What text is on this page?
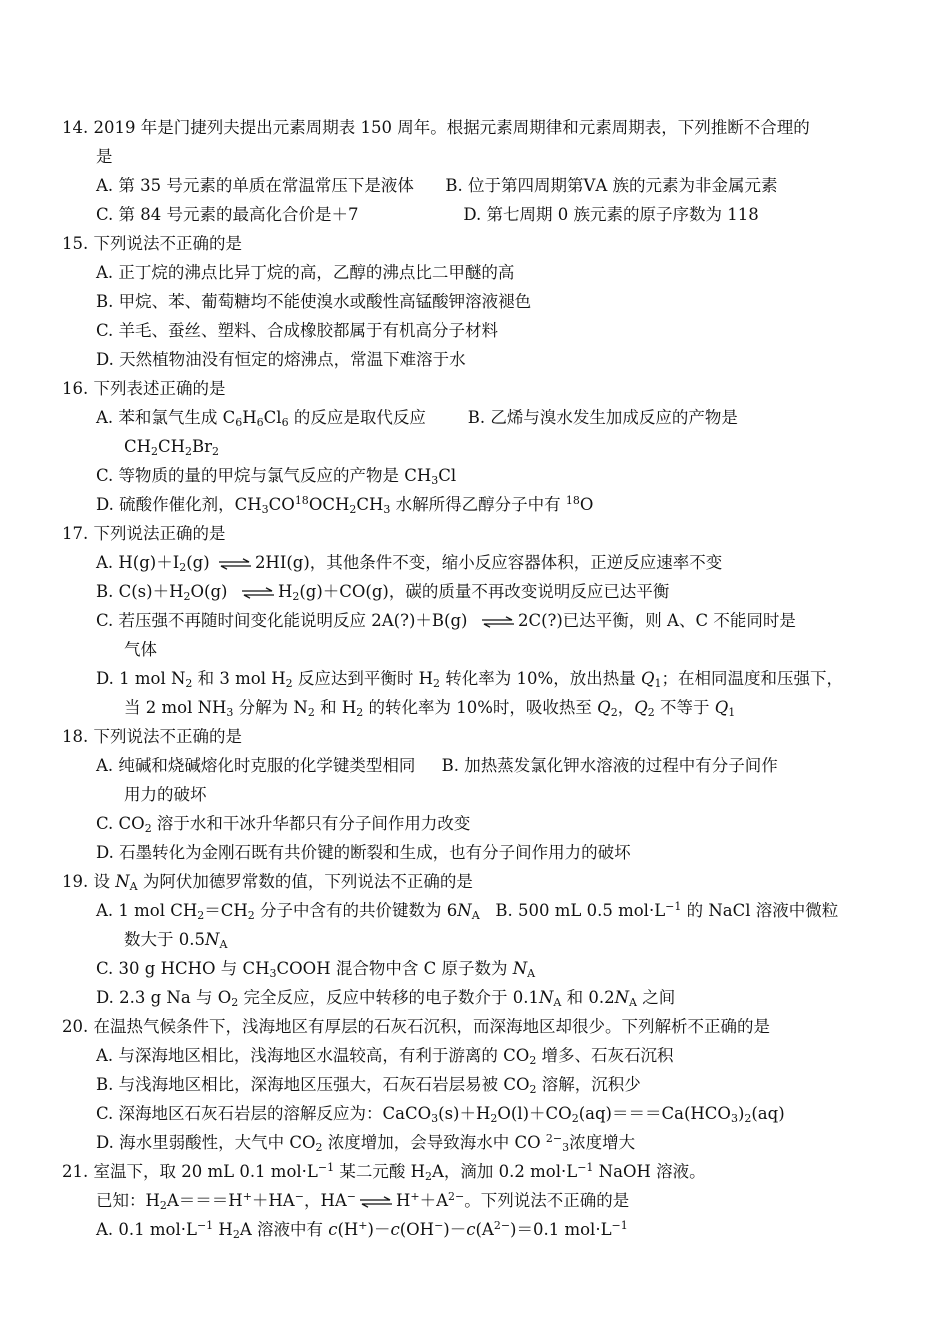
14. 2019 年是门捷列夫提出元素周期表 150 周年。根据元素周期律和元素周期表，下列推断不合理的
是
A. 第 35 号元素的单质在常温常压下是液体      B. 位于第四周期第ⅤA 族的元素为非金属元素
C. 第 84 号元素的最高化合价是＋7                    D. 第七周期 0 族元素的原子序数为 118
15. 下列说法不正确的是
A. 正丁烷的沸点比异丁烷的高，乙醇的沸点比二甲醚的高
B. 甲烷、苯、葡萄糖均不能使溴水或酸性高锰酸钾溶液褪色
C. 羊毛、蚕丝、塑料、合成橡胶都属于有机高分子材料
D. 天然植物油没有恒定的熔沸点，常温下难溶于水
16. 下列表述正确的是
A. 苯和氯气生成 $C_6H_6Cl_6$ 的反应是取代反应        B. 乙烯与溴水发生加成反应的产物是
$CH_2CH_2Br_2$
C. 等物质的量的甲烷与氯气反应的产物是 $CH_3Cl$
D. 硫酸作催化剂，$CH_3CO^{18}OCH_2CH_3$ 水解所得乙醇分子中有 $^{18}$O
17. 下列说法正确的是
A. $H(g)+I_2(g)$ ⇌ 2HI(g)，其他条件不变，缩小反应容器体积，正逆反应速率不变
B. $C(s)+H_2O(g)$ ⇌ $H_2(g)+CO(g)$，碳的质量不再改变说明反应已达平衡
C. 若压强不再随时间变化能说明反应 2A(?)＋B(g) ⇌ 2C(?)已达平衡，则 A、C 不能同时是
气体
D. 1 mol $N_2$ 和 3 mol $H_2$ 反应达到平衡时 $H_2$ 转化率为 10%，放出热量 $Q_1$；在相同温度和压强下，
当 2 mol $NH_3$ 分解为 $N_2$ 和 $H_2$ 的转化率为 10%时，吸收热至 $Q_2$，$Q_2$ 不等于 $Q_1$
18. 下列说法不正确的是
A. 纯碱和烧碱熔化时克服的化学键类型相同     B. 加热蒸发氯化钾水溶液的过程中有分子间作
用力的破坏
C. $CO_2$ 溶于水和干冰升华都只有分子间作用力改变
D. 石墨转化为金刚石既有共价键的断裂和生成，也有分子间作用力的破坏
19. 设 $N_A$ 为阿伏加德罗常数的值，下列说法不正确的是
A. 1 mol $CH_2=CH_2$ 分子中含有的共价键数为 $6N_A$   B. 500 mL 0.5 $mol\cdot L^{-1}$ 的 NaCl 溶液中微粒
数大于 $0.5N_A$
C. 30 g HCHO 与 $CH_3COOH$ 混合物中含 C 原子数为 $N_A$
D. 2.3 g Na 与 $O_2$ 完全反应，反应中转移的电子数介于 $0.1N_A$ 和 $0.2N_A$ 之间
20. 在温热气候条件下，浅海地区有厚层的石灰石沉积，而深海地区却很少。下列解析不正确的是
A. 与深海地区相比，浅海地区水温较高，有利于游离的 $CO_2$ 增多、石灰石沉积
B. 与浅海地区相比，深海地区压强大，石灰石岩层易被 $CO_2$ 溶解，沉积少
C. 深海地区石灰石岩层的溶解反应为：$CaCO_3(s)+H_2O(l)+CO_2(aq)===Ca(HCO_3)_2(aq)$
D. 海水里弱酸性，大气中 $CO_2$ 浓度增加，会导致海水中 CO $^{2-}_3$浓度增大
21. 室温下，取 20 mL 0.1 $mol\cdot L^{-1}$ 某二元酸 $H_2A$，滴加 0.2 $mol\cdot L^{-1}$ NaOH 溶液。
已知：$H_2A===H^++HA^-$，HA− ⇌ $H^++A^{2-}$。下列说法不正确的是
A. 0.1 $mol\cdot L^{-1}$ $H_2A$ 溶液中有 $c(H^+)-c(OH^-)-c(A^{2-})=0.1$ $mol\cdot L^{-1}$
